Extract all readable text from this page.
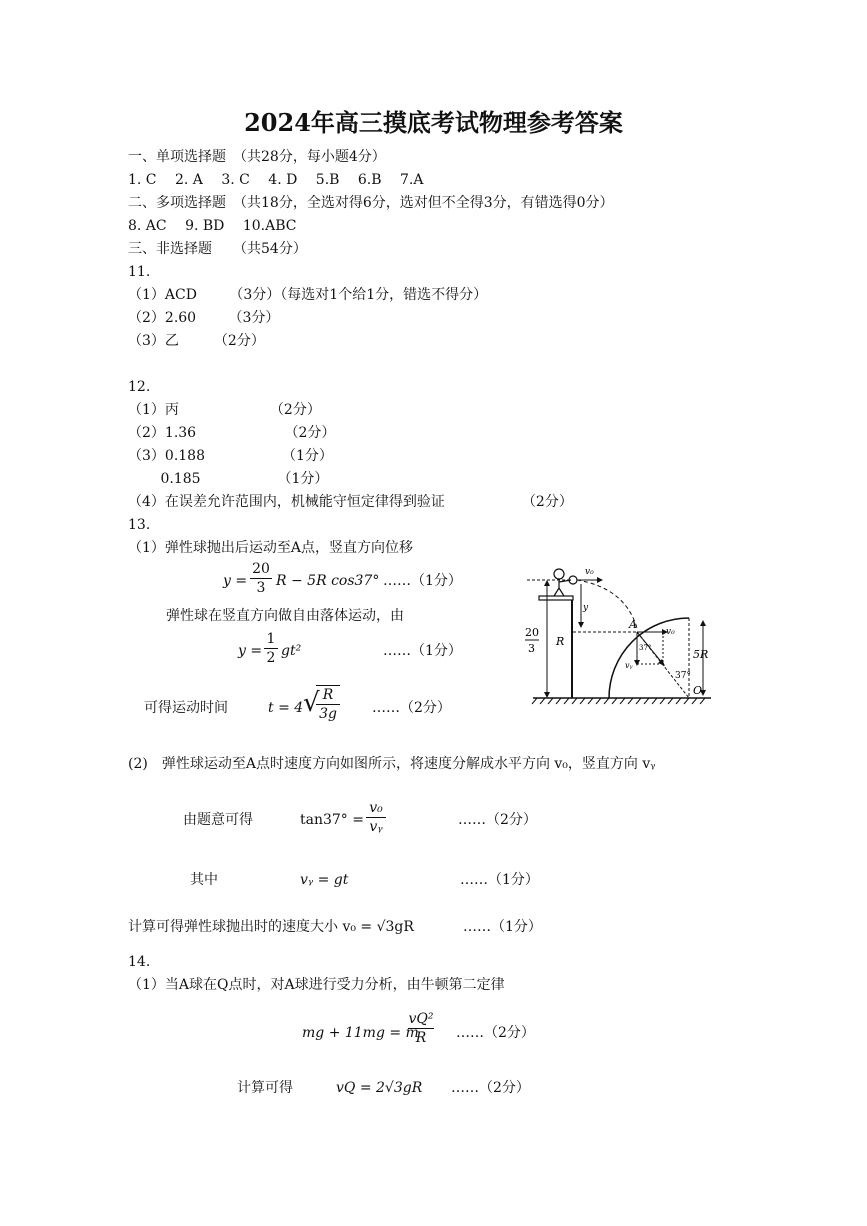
2024年高三摸底考试物理参考答案
一、单项选择题　（共28分，每小题4分）
1. C　 2. A　 3. C　 4. D　 5.B　 6.B　 7.A
二、多项选择题　（共18分，全选对得6分，选对但不全得3分，有错选得0分）
8. AC　 9. BD　 10.ABC
三、非选择题　　（共54分）
11.
（1）ACD　　 （3分）（每选对1个给1分，错选不得分）
（2）2.60　　 （3分）
（3）乙　　　（2分）
12.
（1）丙　　　　　　　（2分）
（2）1.36　　　　　　 （2分）
（3）0.188　　　　　　（1分）
　　 0.185　　　　　　（1分）
（4）在误差允许范围内，机械能守恒定律得到验证　　　　　　（2分）
13.
（1）弹性球抛出后运动至A点，竖直方向位移
y =
20
3 R − 5R cos37° ……（1分）
弹性球在竖直方向做自由落体运动，由
y =
1
2 gt²	……（1分）
可得运动时间	t = 4 √ R
3g	……（2分）
(2)　弹性球运动至A点时速度方向如图所示，将速度分解成水平方向 v₀，竖直方向 vᵧ
由题意可得	tan37° =
v₀
vᵧ	……（2分）
其中	vᵧ = gt	……（1分）
计算可得弹性球抛出时的速度大小 v₀ = √3gR	……（1分）
14.
（1）当A球在Q点时，对A球进行受力分析，由牛顿第二定律
mg + 11mg = m
vQ²
R	……（2分）
计算可得	vQ = 2√3gR ……（2分）
v₀
y
A
20
3
R
v₀
vᵧ
37°
37°
5R
O
